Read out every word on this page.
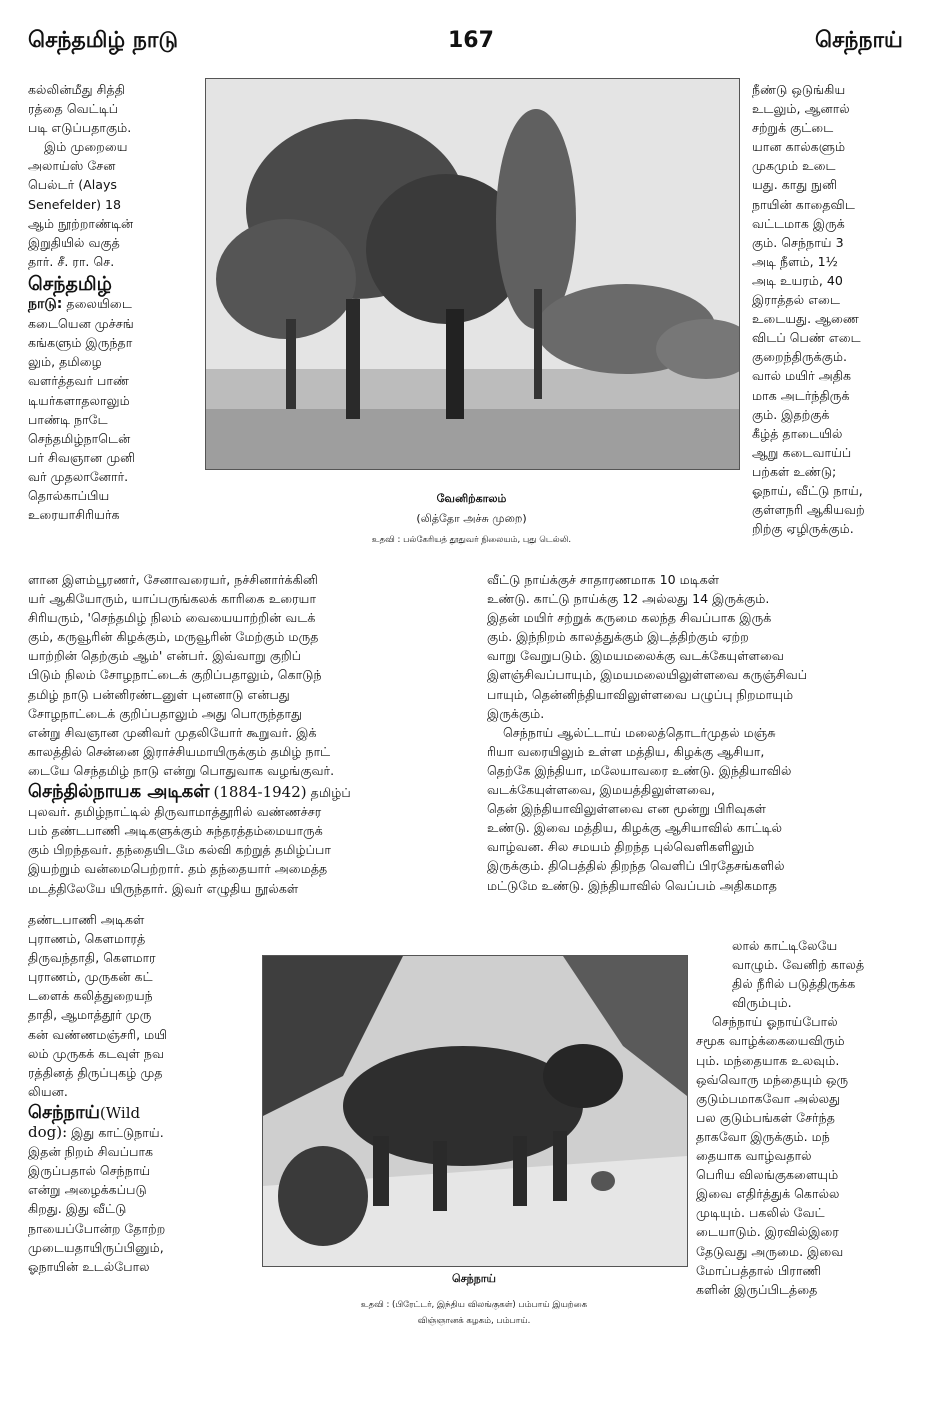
செந்தமிழ் நாடு	167	செந்நாய்

கல்லின்மீது சித்தி

ரத்தை வெட்டிப்

படி எடுப்பதாகும்.

இம் முறையை

அலாய்ஸ் சேன

பெல்டர் (Alays

Senefelder) 18

ஆம் நூற்றாண்டின்

இறுதியில் வகுத்

தார். சீ. ரா. செ.

செந்தமிழ்

நாடு: தலையிடை

கடையென முச்சங்

கங்களும் இருந்தா

லும், தமிழை

வளர்த்தவர் பாண்

டியர்களாதலாலும்

பாண்டி நாடே

செந்தமிழ்நாடென்

பர் சிவஞான முனி

வர் முதலானோர்.

தொல்காப்பிய

உரையாசிரியர்க

வேனிற்காலம்
(லித்தோ அச்சு முறை)
உதவி : பல்கேரியத் தூதுவர் நிலையம், புது டெல்லி.

நீண்டு ஒடுங்கிய

உடலும், ஆனால்

சற்றுக் குட்டை

யான கால்களும்

முகமும் உடை

யது. காது நுனி

நாயின் காதைவிட

வட்டமாக இருக்

கும். செந்நாய் 3

அடி நீளம், 1½

அடி உயரம், 40

இராத்தல் எடை

உடையது. ஆணை

விடப் பெண் எடை

குறைந்திருக்கும்.

வால் மயிர் அதிக

மாக அடர்ந்திருக்

கும். இதற்குக்

கீழ்த் தாடையில்

ஆறு கடைவாய்ப்

பற்கள் உண்டு;

ஓநாய், வீட்டு நாய்,

குள்ளநரி ஆகியவற்

றிற்கு ஏழிருக்கும்.

ளான இளம்பூரணர், சேனாவரையர், நச்சினார்க்கினி

யர் ஆகியோரும், யாப்பருங்கலக் காரிகை உரையா

சிரியரும், 'செந்தமிழ் நிலம் வையையாற்றின் வடக்

கும், கருவூரின் கிழக்கும், மருவூரின் மேற்கும் மருத

யாற்றின் தெற்கும் ஆம்' என்பர். இவ்வாறு குறிப்

பிடும் நிலம் சோழநாட்டைக் குறிப்பதாலும், கொடுந்

தமிழ் நாடு பன்னிரண்டனுள் புனனாடு என்பது

சோழநாட்டைக் குறிப்பதாலும் அது பொருந்தாது

என்று சிவஞான முனிவர் முதலியோர் கூறுவர். இக்

காலத்தில் சென்னை இராச்சியமாயிருக்கும் தமிழ் நாட்

டையே செந்தமிழ் நாடு என்று பொதுவாக வழங்குவர்.

செந்தில்நாயக அடிகள் (1884-1942) தமிழ்ப்

புலவர். தமிழ்நாட்டில் திருவாமாத்தூரில் வண்ணச்சர

பம் தண்டபாணி அடிகளுக்கும் சுந்தரத்தம்மையாருக்

கும் பிறந்தவர். தந்தையிடமே கல்வி கற்றுத் தமிழ்ப்பா

இயற்றும் வன்மைபெற்றார். தம் தந்தையார் அமைத்த

மடத்திலேயே யிருந்தார். இவர் எழுதிய நூல்கள்

வீட்டு நாய்க்குச் சாதாரணமாக 10 மடிகள்

உண்டு. காட்டு நாய்க்கு 12 அல்லது 14 இருக்கும்.

இதன் மயிர் சற்றுக் கருமை கலந்த சிவப்பாக இருக்

கும். இந்நிறம் காலத்துக்கும் இடத்திற்கும் ஏற்ற

வாறு வேறுபடும். இமயமலைக்கு வடக்கேயுள்ளவை

இளஞ்சிவப்பாயும், இமயமலையிலுள்ளவை கருஞ்சிவப்

பாயும், தென்னிந்தியாவிலுள்ளவை பழுப்பு நிறமாயும்

இருக்கும்.

செந்நாய் ஆல்ட்டாய் மலைத்தொடர்முதல் மஞ்சு

ரியா வரையிலும் உள்ள மத்திய, கிழக்கு ஆசியா,

தெற்கே இந்தியா, மலேயாவரை உண்டு. இந்தியாவில்

வடக்கேயுள்ளவை, இமயத்திலுள்ளவை,

தென் இந்தியாவிலுள்ளவை என மூன்று பிரிவுகள்

உண்டு. இவை மத்திய, கிழக்கு ஆசியாவில் காட்டில்

வாழ்வன. சில சமயம் திறந்த புல்வெளிகளிலும்

இருக்கும். திபெத்தில் திறந்த வெளிப் பிரதேசங்களில்

மட்டுமே உண்டு. இந்தியாவில் வெப்பம் அதிகமாத

தண்டபாணி அடிகள்

புராணம், கௌமாரத்

திருவந்தாதி, கௌமார

புராணம், முருகன் கட்

டளைக் கலித்துறையந்

தாதி, ஆமாத்தூர் முரு

கன் வண்ணமஞ்சரி, மயி

லம் முருகக் கடவுள் நவ

ரத்தினத் திருப்புகழ் முத

லியன.

செந்நாய்(Wild

dog): இது காட்டுநாய்.

இதன் நிறம் சிவப்பாக

இருப்பதால் செந்நாய்

என்று அழைக்கப்படு

கிறது. இது வீட்டு

நாயைப்போன்ற தோற்ற

முடையதாயிருப்பினும்,

ஓநாயின் உடல்போல

செந்நாய்
உதவி : (பிரேட்டர், இந்திய விலங்குகள்) பம்பாய் இயற்கை
விஞ்ஞானக் கழகம், பம்பாய்.

லால் காட்டிலேயே

வாழும். வேனிற் காலத்

தில் நீரில் படுத்திருக்க

விரும்பும்.

செந்நாய் ஓநாய்போல்

சமூக வாழ்க்கையைவிரும்

பும். மந்தையாக உலவும்.

ஒவ்வொரு மந்தையும் ஒரு

குடும்பமாகவோ அல்லது

பல குடும்பங்கள் சேர்ந்த

தாகவோ இருக்கும். மந்

தையாக வாழ்வதால்

பெரிய விலங்குகளையும்

இவை எதிர்த்துக் கொல்ல

முடியும். பகலில் வேட்

டையாடும். இரவில்இரை

தேடுவது அருமை. இவை

மோப்பத்தால் பிராணி

களின் இருப்பிடத்தை
